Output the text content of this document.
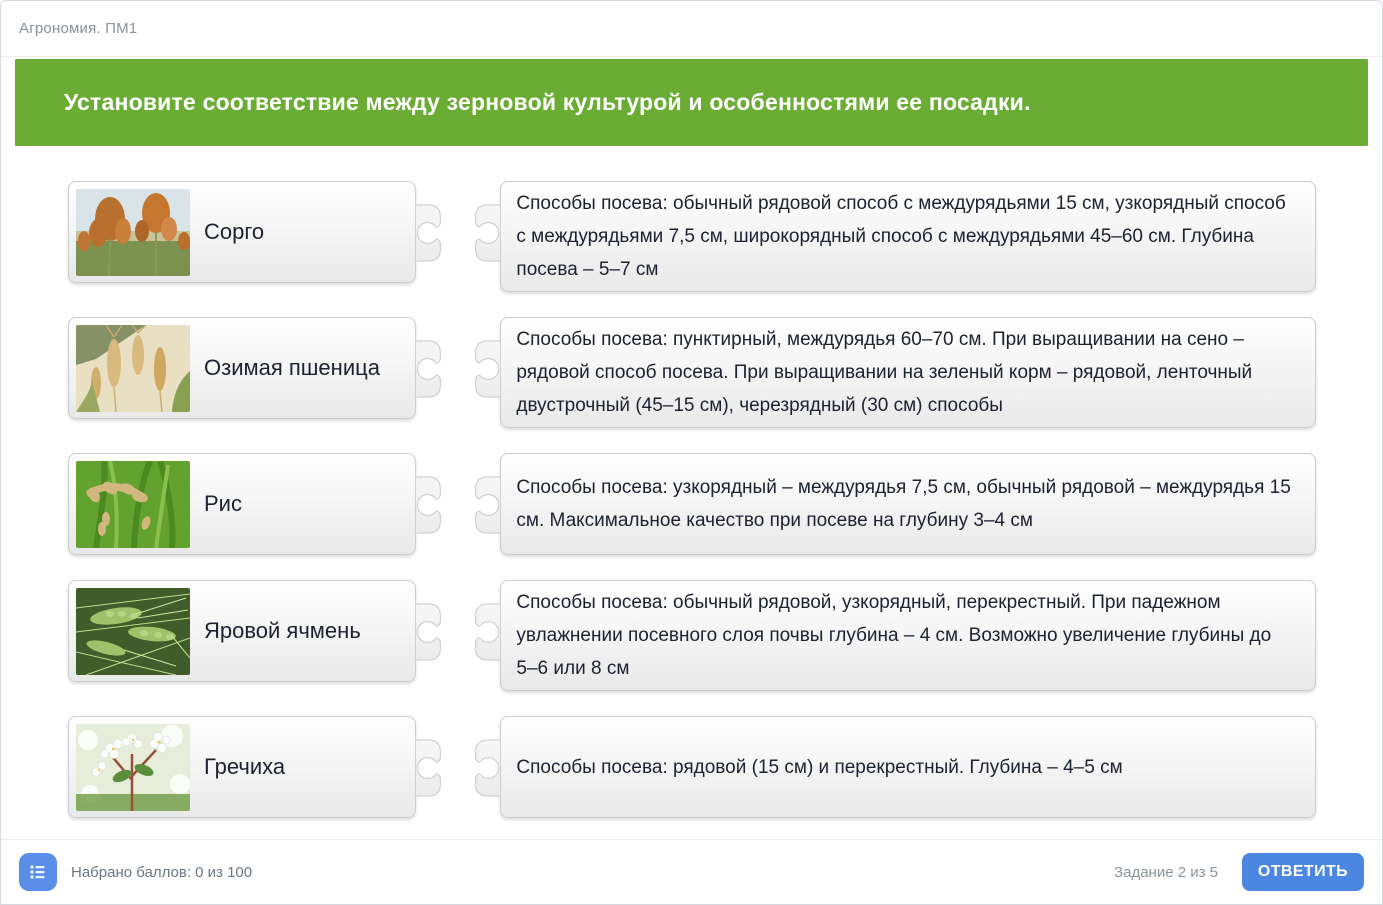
Агрономия. ПМ1
Установите соответствие между зерновой культурой и особенностями ее посадки.
Сорго
Способы посева: обычный рядовой способ с междурядьями 15 см, узкорядный способ с междурядьями 7,5 см, широкорядный способ с междурядьями 45–60 см. Глубина посева – 5–7 см
Озимая пшеница
Способы посева: пунктирный, междурядья 60–70 см. При выращивании на сено – рядовой способ посева. При выращивании на зеленый корм – рядовой, ленточный двустрочный (45–15 см), черезрядный (30 см) способы
Рис
Способы посева: узкорядный – междурядья 7,5 см, обычный рядовой – междурядья 15 см. Максимальное качество при посеве на глубину 3–4 см
Яровой ячмень
Способы посева: обычный рядовой, узкорядный, перекрестный. При падежном увлажнении посевного слоя почвы глубина – 4 см. Возможно увеличение глубины до 5–6 или 8 см
Гречиха	Способы посева: рядовой (15 см) и перекрестный. Глубина – 4–5 см
Набрано баллов: 0 из 100	Задание 2 из 5	ОТВЕТИТЬ
